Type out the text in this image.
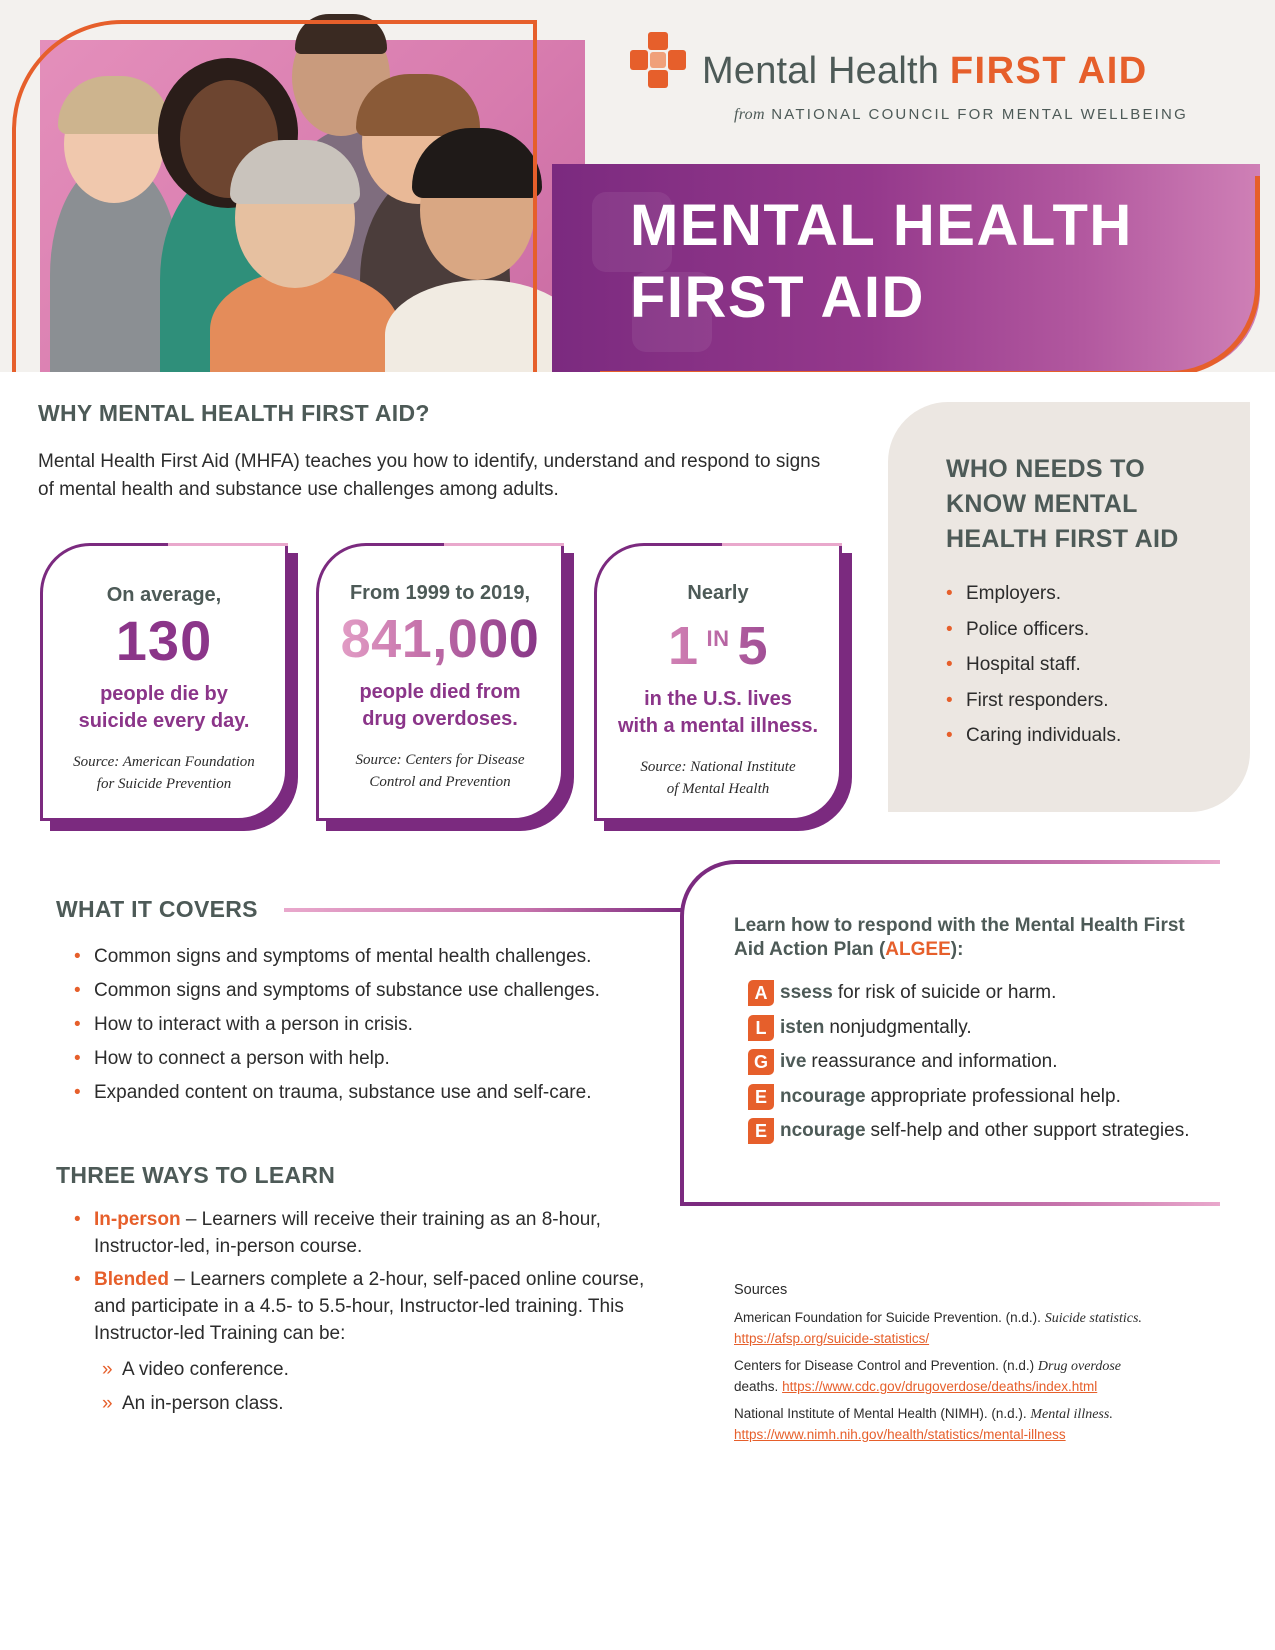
MENTAL HEALTH
FIRST AID
Mental Health FIRST AID
from NATIONAL COUNCIL FOR MENTAL WELLBEING
WHY MENTAL HEALTH FIRST AID?

Mental Health First Aid (MHFA) teaches you how to identify, understand and respond to signs of mental health and substance use challenges among adults.

On average,
130
people die by
suicide every day.
Source: American Foundation
for Suicide Prevention
From 1999 to 2019,
841,000
people died from
drug overdoses.
Source: Centers for Disease
Control and Prevention
Nearly
1 $^{IN}$ 5
in the U.S. lives
with a mental illness.
Source: National Institute
of Mental Health
WHO NEEDS TO
KNOW MENTAL
HEALTH FIRST AID
• Employers.
• Police officers.
• Hospital staff.
• First responders.
• Caring individuals.
WHAT IT COVERS
• Common signs and symptoms of mental health challenges.
• Common signs and symptoms of substance use challenges.
• How to interact with a person in crisis.
• How to connect a person with help.
• Expanded content on trauma, substance use and self-care.
Learn how to respond with the Mental Health First Aid Action Plan (ALGEE):
A ssess for risk of suicide or harm.
L isten nonjudgmentally.
G ive reassurance and information.
E ncourage appropriate professional help.
E ncourage self-help and other support strategies.
THREE WAYS TO LEARN
• In-person – Learners will receive their training as an 8-hour, Instructor-led, in-person course.
• Blended – Learners complete a 2-hour, self-paced online course, and participate in a 4.5- to 5.5-hour, Instructor-led training. This Instructor-led Training can be:
» A video conference.
» An in-person class.
Sources
American Foundation for Suicide Prevention. (n.d.). Suicide statistics.
https://afsp.org/suicide-statistics/
Centers for Disease Control and Prevention. (n.d.) Drug overdose
deaths. https://www.cdc.gov/drugoverdose/deaths/index.html
National Institute of Mental Health (NIMH). (n.d.). Mental illness.
https://www.nimh.nih.gov/health/statistics/mental-illness
